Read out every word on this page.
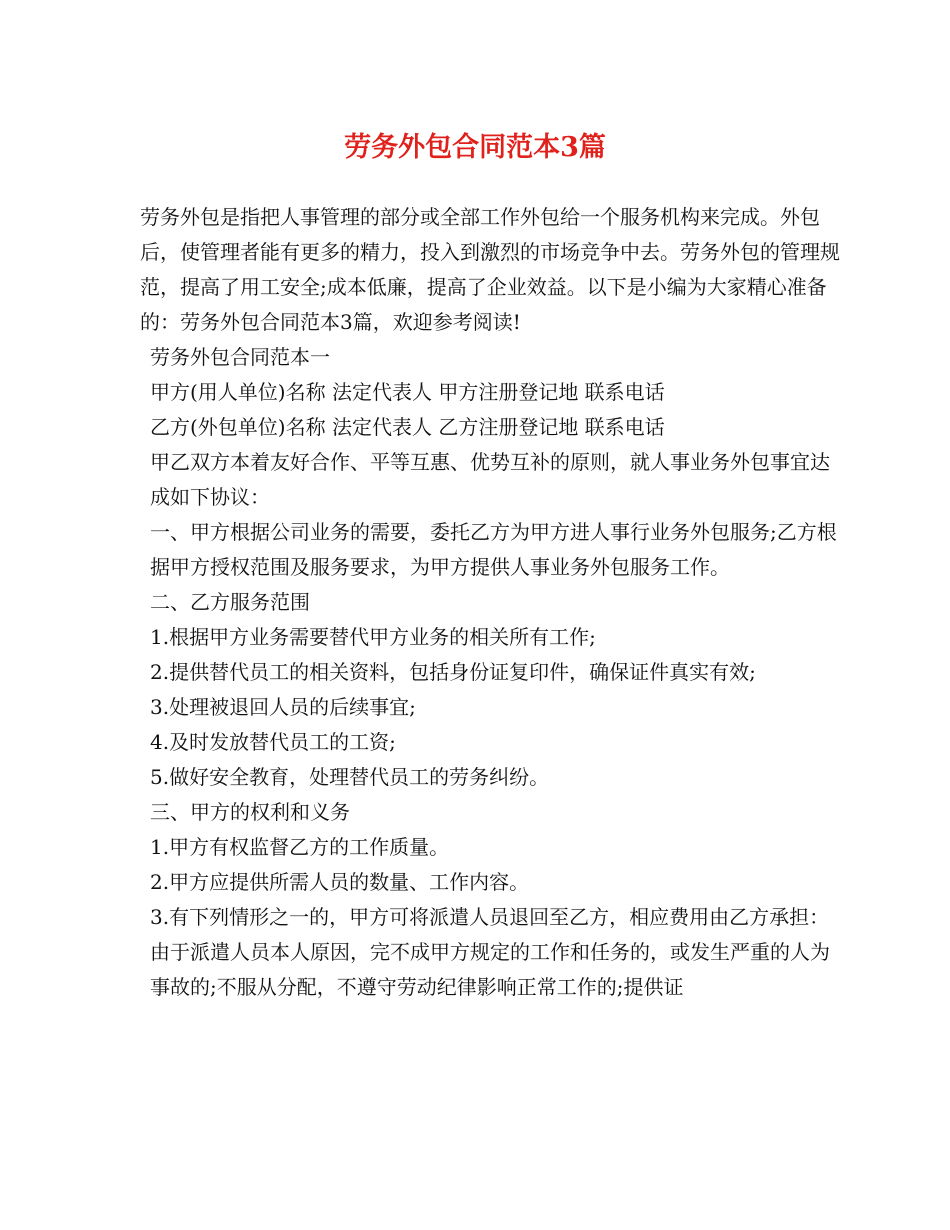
劳务外包合同范本3篇

劳务外包是指把人事管理的部分或全部工作外包给一个服务机构来完成。外包后，使管理者能有更多的精力，投入到激烈的市场竞争中去。劳务外包的管理规范，提高了用工安全;成本低廉，提高了企业效益。以下是小编为大家精心准备的：劳务外包合同范本3篇，欢迎参考阅读!

劳务外包合同范本一

甲方(用人单位)名称 法定代表人 甲方注册登记地 联系电话

乙方(外包单位)名称 法定代表人 乙方注册登记地 联系电话

甲乙双方本着友好合作、平等互惠、优势互补的原则，就人事业务外包事宜达成如下协议：

一、甲方根据公司业务的需要，委托乙方为甲方进人事行业务外包服务;乙方根据甲方授权范围及服务要求，为甲方提供人事业务外包服务工作。

二、乙方服务范围

1.根据甲方业务需要替代甲方业务的相关所有工作;

2.提供替代员工的相关资料，包括身份证复印件，确保证件真实有效;

3.处理被退回人员的后续事宜;

4.及时发放替代员工的工资;

5.做好安全教育，处理替代员工的劳务纠纷。

三、甲方的权利和义务

1.甲方有权监督乙方的工作质量。

2.甲方应提供所需人员的数量、工作内容。

3.有下列情形之一的，甲方可将派遣人员退回至乙方，相应费用由乙方承担：

由于派遣人员本人原因，完不成甲方规定的工作和任务的，或发生严重的人为事故的;不服从分配，不遵守劳动纪律影响正常工作的;提供证
